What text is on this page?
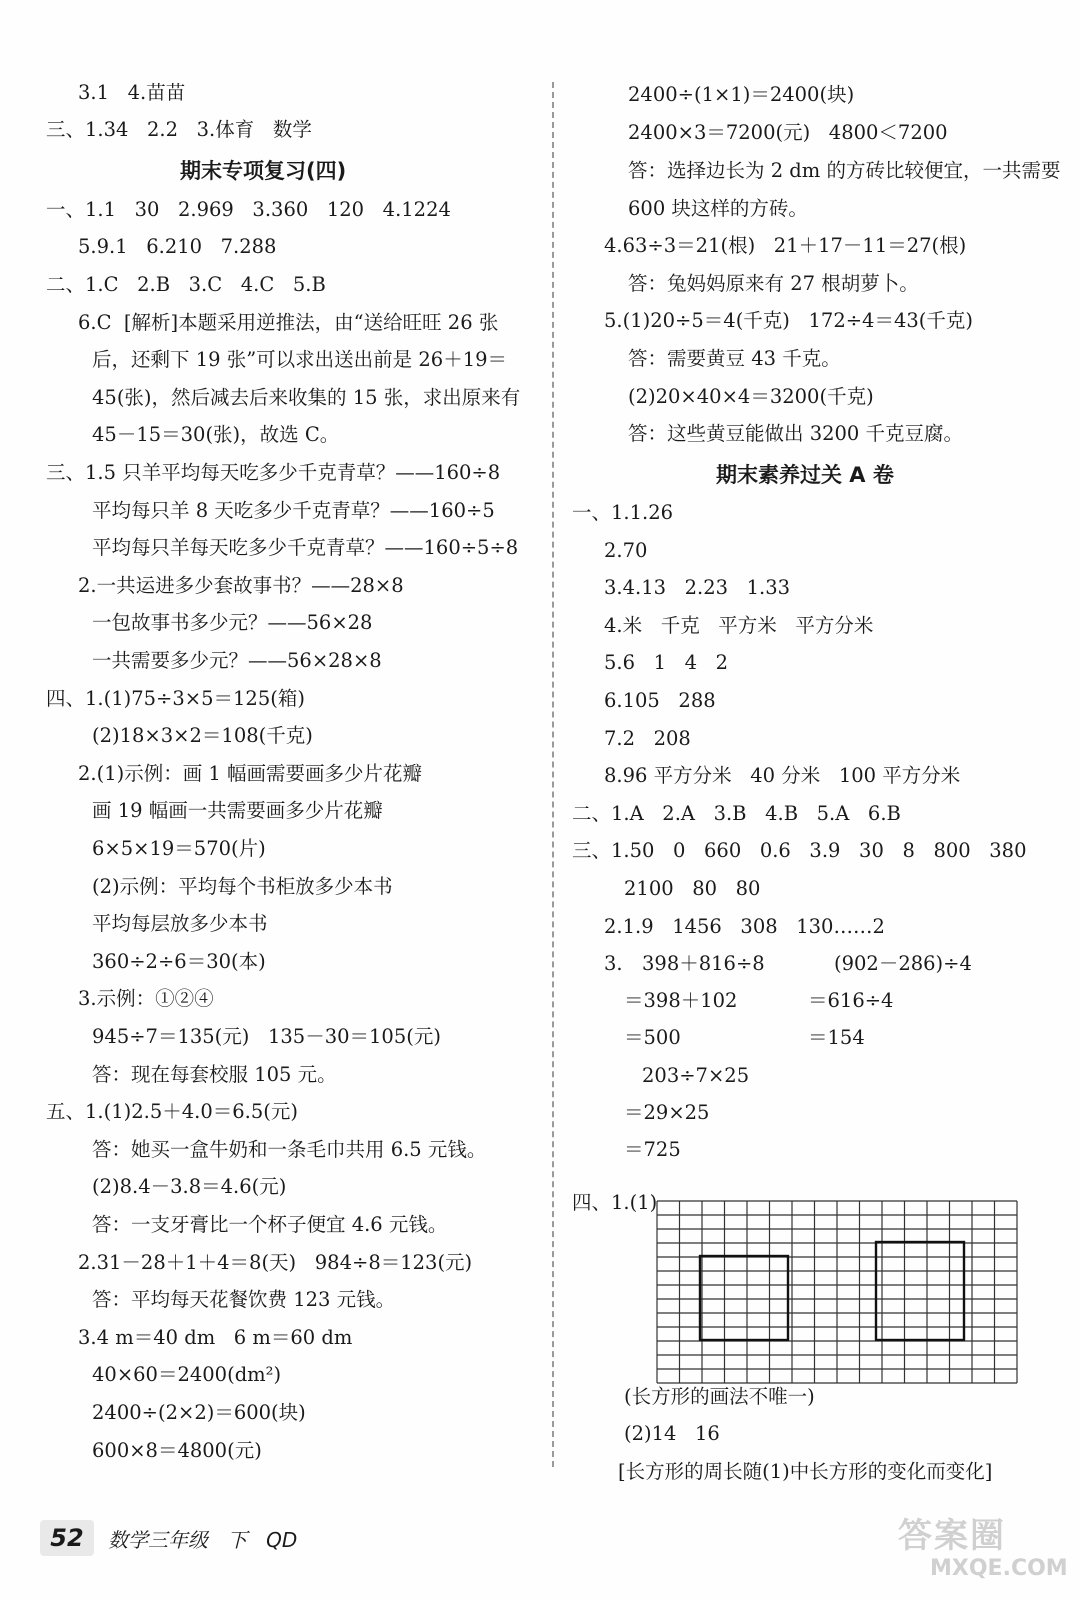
3.1   4.苗苗
三、1.34   2.2   3.体育   数学
期末专项复习(四)
一、1.1   30   2.969   3.360   120   4.1224
5.9.1   6.210   7.288
二、1.C   2.B   3.C   4.C   5.B
6.C  [解析]本题采用逆推法，由“送给旺旺 26 张
后，还剩下 19 张”可以求出送出前是 26＋19＝
45(张)，然后减去后来收集的 15 张，求出原来有
45－15＝30(张)，故选 C。
三、1.5 只羊平均每天吃多少千克青草？——160÷8
平均每只羊 8 天吃多少千克青草？——160÷5
平均每只羊每天吃多少千克青草？——160÷5÷8
2.一共运进多少套故事书？——28×8
一包故事书多少元？——56×28
一共需要多少元？——56×28×8
四、1.(1)75÷3×5＝125(箱)
(2)18×3×2＝108(千克)
2.(1)示例：画 1 幅画需要画多少片花瓣
画 19 幅画一共需要画多少片花瓣
6×5×19＝570(片)
(2)示例：平均每个书柜放多少本书
平均每层放多少本书
360÷2÷6＝30(本)
3.示例：①②④
945÷7＝135(元)   135－30＝105(元)
答：现在每套校服 105 元。
五、1.(1)2.5＋4.0＝6.5(元)
答：她买一盒牛奶和一条毛巾共用 6.5 元钱。
(2)8.4－3.8＝4.6(元)
答：一支牙膏比一个杯子便宜 4.6 元钱。
2.31－28＋1＋4＝8(天)   984÷8＝123(元)
答：平均每天花餐饮费 123 元钱。
3.4 m＝40 dm   6 m＝60 dm
40×60＝2400(dm²)
2400÷(2×2)＝600(块)
600×8＝4800(元)
2400÷(1×1)＝2400(块)
2400×3＝7200(元)   4800＜7200
答：选择边长为 2 dm 的方砖比较便宜，一共需要
600 块这样的方砖。
4.63÷3＝21(根)   21＋17－11＝27(根)
答：兔妈妈原来有 27 根胡萝卜。
5.(1)20÷5＝4(千克)   172÷4＝43(千克)
答：需要黄豆 43 千克。
(2)20×40×4＝3200(千克)
答：这些黄豆能做出 3200 千克豆腐。
期末素养过关 A 卷
一、1.1.26
2.70
3.4.13   2.23   1.33
4.米   千克   平方米   平方分米
5.6   1   4   2
6.105   288
7.2   208
8.96 平方分米   40 分米   100 平方分米
二、1.A   2.A   3.B   4.B   5.A   6.B
三、1.50   0   660   0.6   3.9   30   8   800   380
2100   80   80
2.1.9   1456   308   130……2
3. 398＋816÷8	(902－286)÷4
＝398＋102	＝616÷4
＝500	＝154
203÷7×25
＝29×25
＝725
四、1.(1)
(长方形的画法不唯一)
(2)14   16
[长方形的周长随(1)中长方形的变化而变化]
52	数学三年级   下   QD	答案圈
MXQE.COM
